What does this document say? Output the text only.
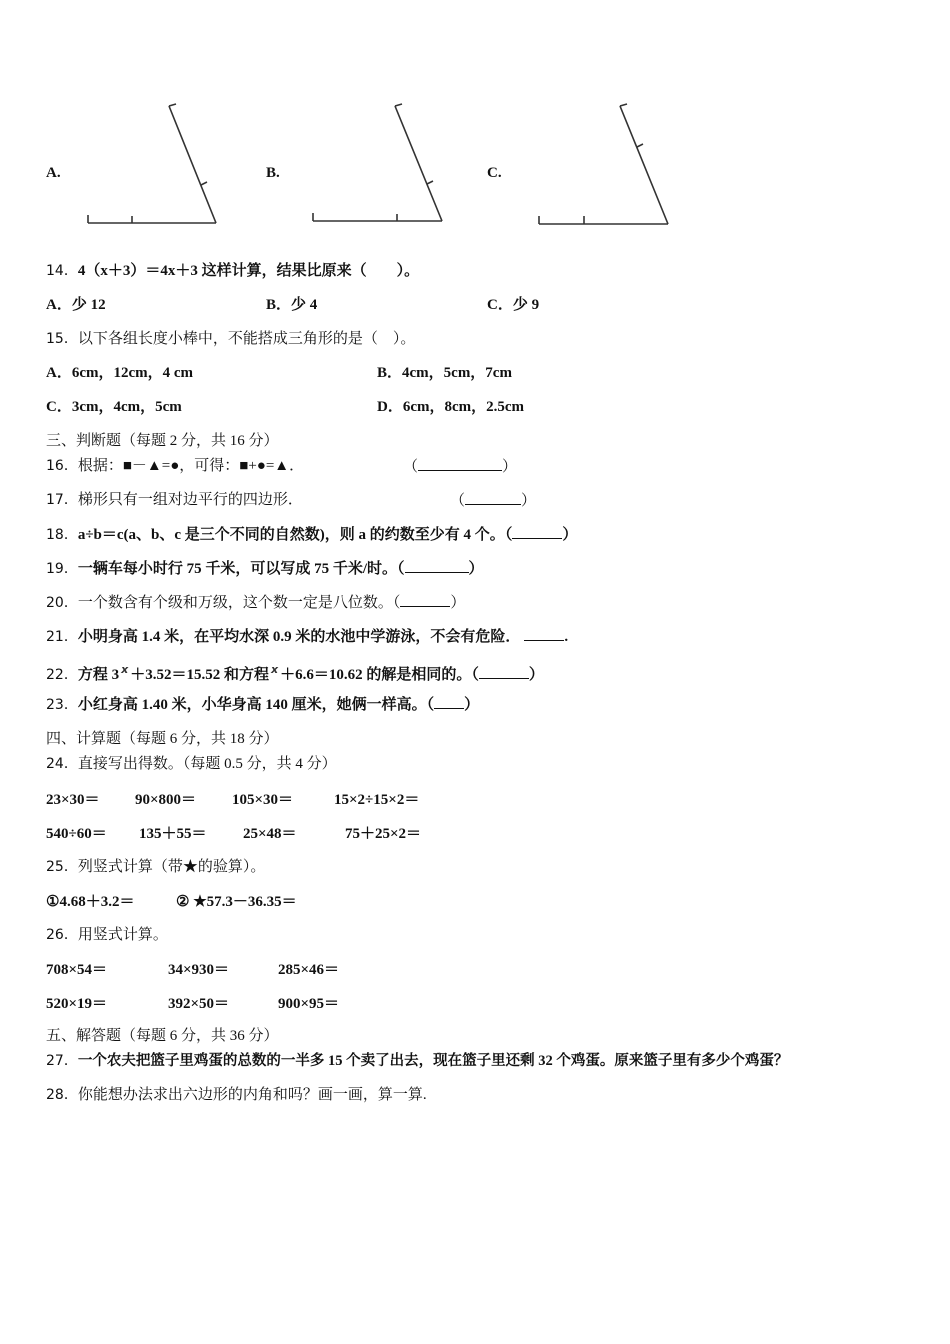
A.	B.	C.
14．4（x＋3）＝4x＋3 这样计算，结果比原来（　　）。
A．少 12	B．少 4	C．少 9
15．以下各组长度小棒中，不能搭成三角形的是（　）。
A．6cm，12cm，4 cm	B．4cm，5cm，7cm
C．3cm，4cm，5cm	D．6cm，8cm，2.5cm
三、判断题（每题 2 分，共 16 分）
16．根据：■－▲=●，可得：■+●=▲．	（	）
17．梯形只有一组对边平行的四边形．	（	）
18．a÷b＝c(a、b、c 是三个不同的自然数)，则 a 的约数至少有 4 个。（	）
19．一辆车每小时行 75 千米，可以写成 75 千米/时。（	）
20．一个数含有个级和万级，这个数一定是八位数。（	）
21．小明身高 1.4 米，在平均水深 0.9 米的水池中学游泳，不会有危险．	.
22．方程 3 $^x$ ＋3.52＝15.52 和方程 $^x$ ＋6.6＝10.62 的解是相同的。（	）
23．小红身高 1.40 米，小华身高 140 厘米，她俩一样高。（ ）
四、计算题（每题 6 分，共 18 分）
24．直接写出得数。（每题 0.5 分，共 4 分）
23×30＝ 90×800＝ 105×30＝	15×2÷15×2＝
540÷60＝ 135＋55＝ 25×48＝	75＋25×2＝
25．列竖式计算（带★的验算）。
①4.68＋3.2＝	② ★57.3－36.35＝
26．用竖式计算。
708×54＝	34×930＝	285×46＝
520×19＝	392×50＝	900×95＝
五、解答题（每题 6 分，共 36 分）
27．一个农夫把篮子里鸡蛋的总数的一半多 15 个卖了出去，现在篮子里还剩 32 个鸡蛋。原来篮子里有多少个鸡蛋？
28．你能想办法求出六边形的内角和吗？画一画，算一算.
